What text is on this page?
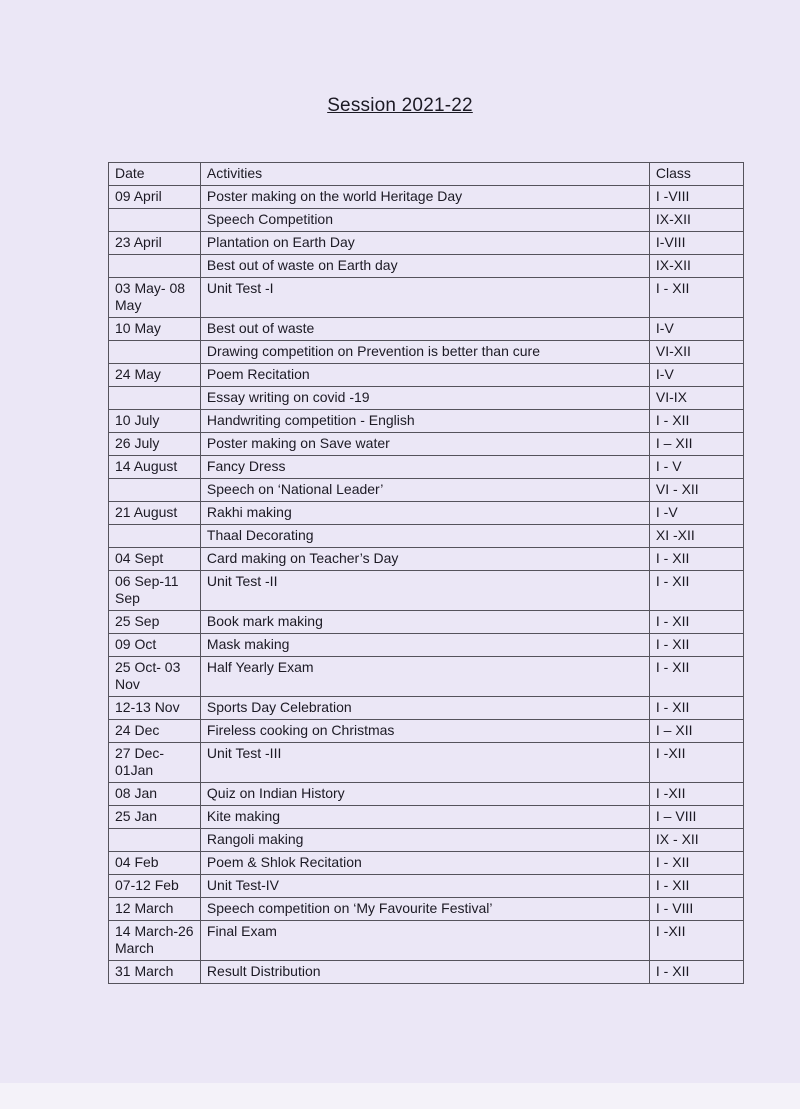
Session 2021-22
Date	Activities	Class
09 April	Poster making on the world Heritage Day	I -VIII
	Speech Competition	IX-XII
23 April	Plantation on Earth Day	I-VIII
	Best out of waste on Earth day	IX-XII
03 May- 08 May	Unit Test -I	I - XII
10 May	Best out of waste	I-V
	Drawing competition on Prevention is better than cure	VI-XII
24 May	Poem Recitation	I-V
	Essay writing on covid -19	VI-IX
10 July	Handwriting competition - English	I - XII
26 July	Poster making on Save water	I – XII
14 August	Fancy Dress	I - V
	Speech on ‘National Leader’	VI - XII
21 August	Rakhi making	I -V
	Thaal Decorating	XI -XII
04 Sept	Card making on Teacher’s Day	I - XII
06 Sep-11 Sep	Unit Test -II	I - XII
25 Sep	Book mark making	I - XII
09 Oct	Mask making	I - XII
25 Oct- 03 Nov	Half Yearly Exam	I - XII
12-13 Nov	Sports Day Celebration	I - XII
24 Dec	Fireless cooking on Christmas	I – XII
27 Dec-01Jan	Unit Test -III	I -XII
08 Jan	Quiz on Indian History	I -XII
25 Jan	Kite making	I – VIII
	Rangoli making	IX - XII
04 Feb	Poem & Shlok Recitation	I - XII
07-12 Feb	Unit Test-IV	I - XII
12 March	Speech competition on ‘My Favourite Festival’	I - VIII
14 March-26 March	Final Exam	I -XII
31 March	Result Distribution	I - XII
